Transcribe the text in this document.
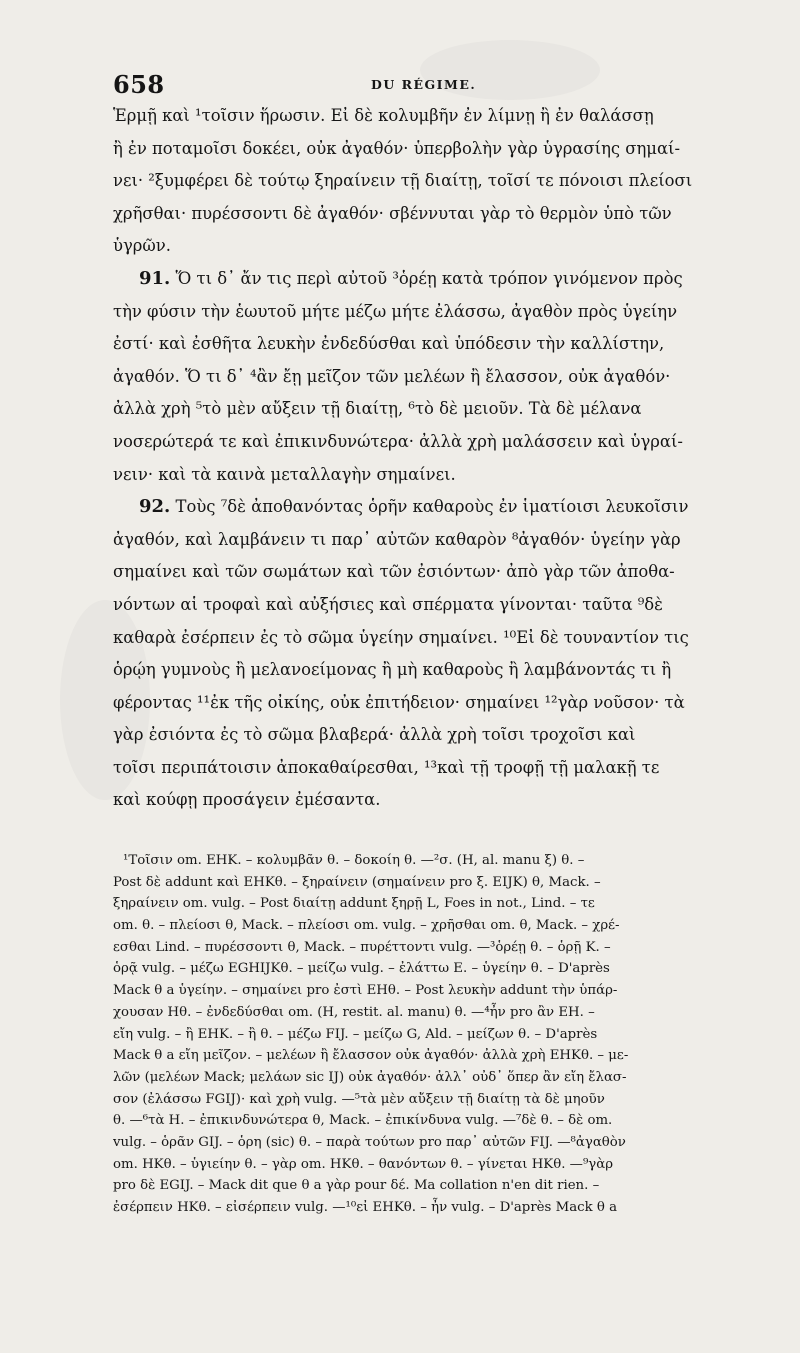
658	DU RÉGIME.
Ἑρμῇ καὶ ¹τοῖσιν ἥρωσιν. Εἰ δὲ κολυμβῆν ἐν λίμνῃ ἢ ἐν θαλάσσῃ
ἢ ἐν ποταμοῖσι δοκέει, οὐκ ἀγαθόν· ὑπερβολὴν γὰρ ὑγρασίης σημαί-
νει· ²ξυμφέρει δὲ τούτῳ ξηραίνειν τῇ διαίτῃ, τοῖσί τε πόνοισι πλείοσι
χρῆσθαι· πυρέσσοντι δὲ ἀγαθόν· σβέννυται γὰρ τὸ θερμὸν ὑπὸ τῶν
ὑγρῶν.
91. Ὅ τι δ᾽ ἄν τις περὶ αὐτοῦ ³ὁρέῃ κατὰ τρόπον γινόμενον πρὸς
τὴν φύσιν τὴν ἑωυτοῦ μήτε μέζω μήτε ἐλάσσω, ἀγαθὸν πρὸς ὑγείην
ἐστί· καὶ ἐσθῆτα λευκὴν ἐνδεδύσθαι καὶ ὑπόδεσιν τὴν καλλίστην,
ἀγαθόν. Ὅ τι δ᾽ ⁴ἂν ἔῃ μεῖζον τῶν μελέων ἢ ἔλασσον, οὐκ ἀγαθόν·
ἀλλὰ χρὴ ⁵τὸ μὲν αὔξειν τῇ διαίτῃ, ⁶τὸ δὲ μειοῦν. Τὰ δὲ μέλανα
νοσερώτερά τε καὶ ἐπικινδυνώτερα· ἀλλὰ χρὴ μαλάσσειν καὶ ὑγραί-
νειν· καὶ τὰ καινὰ μεταλλαγὴν σημαίνει.
92. Τοὺς ⁷δὲ ἀποθανόντας ὁρῆν καθαροὺς ἐν ἱματίοισι λευκοῖσιν
ἀγαθόν, καὶ λαμβάνειν τι παρ᾽ αὐτῶν καθαρὸν ⁸ἀγαθόν· ὑγείην γὰρ
σημαίνει καὶ τῶν σωμάτων καὶ τῶν ἐσιόντων· ἀπὸ γὰρ τῶν ἀποθα-
νόντων αἱ τροφαὶ καὶ αὐξήσιες καὶ σπέρματα γίνονται· ταῦτα ⁹δὲ
καθαρὰ ἐσέρπειν ἐς τὸ σῶμα ὑγείην σημαίνει. ¹⁰Εἰ δὲ τουναντίον τις
ὁρῴη γυμνοὺς ἢ μελανοείμονας ἢ μὴ καθαροὺς ἢ λαμβάνοντάς τι ἢ
φέροντας ¹¹ἐκ τῆς οἰκίης, οὐκ ἐπιτήδειον· σημαίνει ¹²γὰρ νοῦσον· τὰ
γὰρ ἐσιόντα ἐς τὸ σῶμα βλαβερά· ἀλλὰ χρὴ τοῖσι τροχοῖσι καὶ
τοῖσι περιπάτοισιν ἀποκαθαίρεσθαι, ¹³καὶ τῇ τροφῇ τῇ μαλακῇ τε
καὶ κούφῃ προσάγειν ἐμέσαντα.
¹Τοῖσιν om. EHK. – κολυμβᾶν θ. – δοκοίη θ. —²σ. (H, al. manu ξ) θ. –
Post δὲ addunt καὶ EHKθ. – ξηραίνειν (σημαίνειν pro ξ. EIJK) θ, Mack. –
ξηραίνειν om. vulg. – Post διαίτῃ addunt ξηρῇ L, Foes in not., Lind. – τε
om. θ. – πλείοσι θ, Mack. – πλείοσι om. vulg. – χρῆσθαι om. θ, Mack. – χρέ-
εσθαι Lind. – πυρέσσοντι θ, Mack. – πυρέττοντι vulg. —³ὁρέῃ θ. – ὁρῇ K. –
ὁρᾷ vulg. – μέζω EGHIJKθ. – μείζω vulg. – ἐλάττω E. – ὑγείην θ. – D'après
Mack θ a ὑγείην. – σημαίνει pro ἐστὶ EHθ. – Post λευκὴν addunt τὴν ὑπάρ-
χουσαν Hθ. – ἐνδεδύσθαι om. (H, restit. al. manu) θ. —⁴ἦν pro ἂν EH. –
εἴη vulg. – ἢ EHK. – ἢ θ. – μέζω FIJ. – μείζω G, Ald. – μείζων θ. – D'après
Mack θ a εἴη μεῖζον. – μελέων ἢ ἔλασσον οὐκ ἀγαθόν· ἀλλὰ χρὴ EHKθ. – με-
λῶν (μελέων Mack; μελάων sic IJ) οὐκ ἀγαθόν· ἀλλ᾽ οὐδ᾽ ὅπερ ἂν εἴη ἔλασ-
σον (ἐλάσσω FGIJ)· καὶ χρὴ vulg. —⁵τὰ μὲν αὔξειν τῇ διαίτῃ τὰ δὲ μηοῦν
θ. —⁶τὰ H. – ἐπικινδυνώτερα θ, Mack. – ἐπικίνδυνα vulg. —⁷δὲ θ. – δὲ om.
vulg. – ὁρᾶν GIJ. – ὁρη (sic) θ. – παρὰ τούτων pro παρ᾽ αὐτῶν FIJ. —⁸ἀγαθὸν
om. HKθ. – ὑγιείην θ. – γὰρ om. HKθ. – θανόντων θ. – γίνεται HKθ. —⁹γὰρ
pro δὲ EGIJ. – Mack dit que θ a γὰρ pour δέ. Ma collation n'en dit rien. –
ἐσέρπειν HKθ. – εἰσέρπειν vulg. —¹⁰εἰ EHKθ. – ἦν vulg. – D'après Mack θ a
